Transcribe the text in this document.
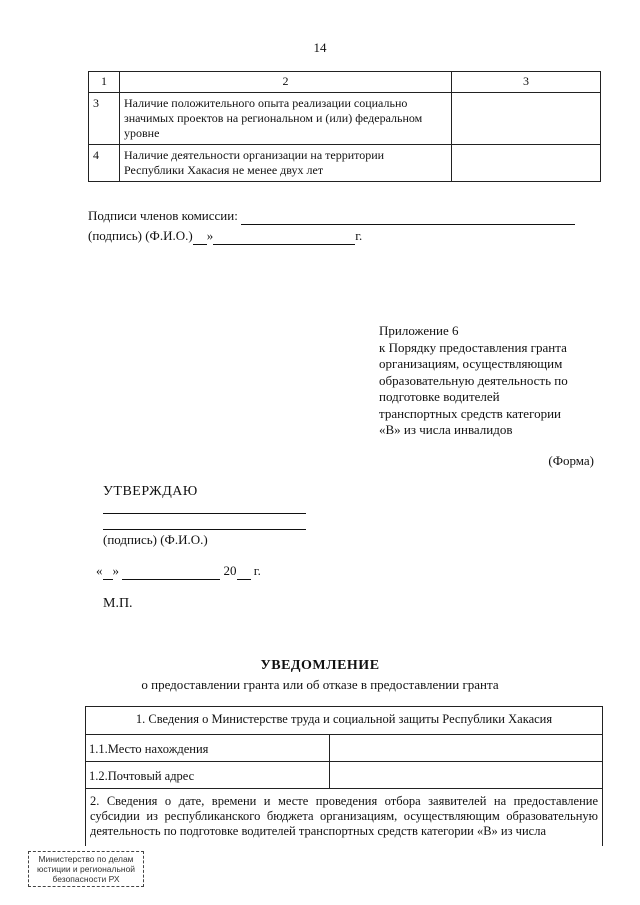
14
1	2	3
3	Наличие положительного опыта реализации социально значимых проектов на региональном и (или) федеральном уровне	
4	Наличие деятельности организации на территории Республики Хакасия не менее двух лет	
Подписи членов комиссии:
(подпись) (Ф.И.О.) »	г.
Приложение 6
к Порядку предоставления гранта
организациям, осуществляющим
образовательную деятельность по
подготовке водителей
транспортных средств категории
«В» из числа инвалидов
(Форма)
УТВЕРЖДАЮ
(подпись) (Ф.И.О.)
« »	20 г.
М.П.
УВЕДОМЛЕНИЕ
о предоставлении гранта или об отказе в предоставлении гранта
1. Сведения о Министерстве труда и социальной защиты Республики Хакасия
1.1.Место нахождения
1.2.Почтовый адрес
2. Сведения о дате, времени и месте проведения отбора заявителей на предоставление субсидии из республиканского бюджета организациям, осуществляющим образовательную деятельность по подготовке водителей транспортных средств категории «В» из числа
Министерство по делам
юстиции и региональной
безопасности РХ
